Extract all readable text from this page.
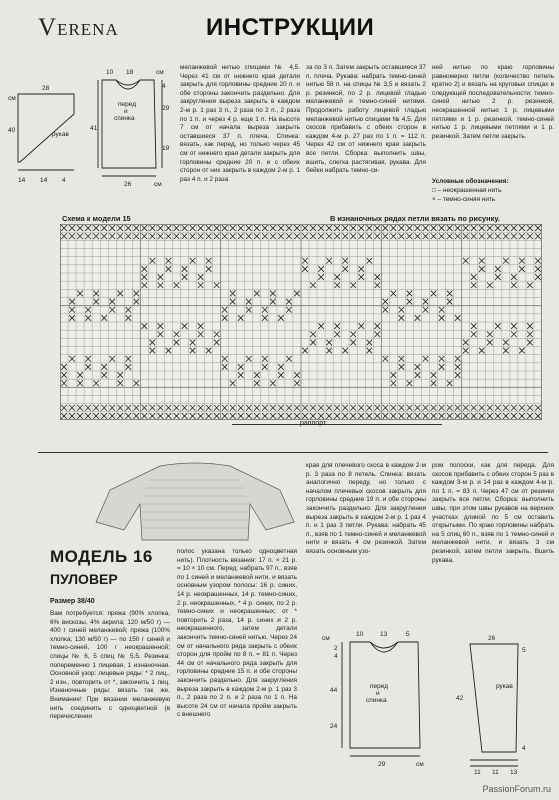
VERENA	ИНСТРУКЦИИ
см
28
40
рукав
14 14 4
10 18	см
4
29
41
19
перед
и
спинка
26	см

меланжевой нитью спицами № 4,5. Через 41 см от нижнего края детали закрыть для горловины средние 20 п. и обе стороны закончить раздельно. Для закругления выреза закрыть в каждом 2-м р. 1 раз 3 п., 2 раза по 2 п., 2 раза по 1 п. и через 4 р. еще 1 п. На высоте 7 см от начала выреза закрыть оставшиеся 37 п. плеча. Спинка: вязать, как перед, но только через 45 см от нижнего края детали закрыть для горловины средние 20 п. и с обеих сторон от них закрыть в каждом 2-м р. 1 раз 4 п. и 2 раза

за по 3 п. Затем закрыть оставшиеся 37 п. плеча. Рукава: набрать темно-синей нитью 58 п. на спицы № 3,5 и вязать 2 р. резинкой, по 2 р. лицевой гладью меланжевой и темно-синей нитями. Продолжить работу лицевой гладью меланжевой нитью спицами № 4,5. Для скосов прибавить с обеих сторон в каждом 4-м р. 27 раз по 1 п. = 112 п. Через 42 см от нижнего края закрыть все петли. Сборка: выполнить швы, вшить, слегка растягивая, рукава. Для бейки набрать темно-си-

ней нитью по краю горловины равномерно петли (количество петель кратно 2) и вязать на круговых спицах в следующей последовательности: темно-синей нитью 2 р. резинкой, неокрашенной нитью 1 р. лицевыми петлями и 1 р. резинкой, темно-синей нитью 1 р. лицевыми петлями и 1 р. резинкой. Затем петли закрыть.

Условные обозначения:
□ – неокрашенная нить
× – темно-синяя нить
Схема к модели 15	В изнаночных рядах петли вязать по рисунку.
раппорт
МОДЕЛЬ 16
ПУЛОВЕР
Размер 38/40

Вам потребуется: пряжа (90% хлопка, 6% вискозы, 4% акрила; 120 м/50 г) — 400 г синей меланжевой; пряжа (100% хлопка; 130 м/50 г) — по 150 г синей и темно-синей, 100 г неокрашенной; спицы № 6, 5 спиц № 5,5. Резинка: попеременно 1 лицевая, 1 изнаночная. Основной узор: лицевые ряды: * 2 лиц., 2 изн., повторить от *, закончить 1 лиц. Изнаночные ряды: вязать так же. Внимание! При вязании меланжевую нить соединить с одноцветной (в перечислении

полос указана только одноцветная нить). Плотность вязания: 17 п. × 21 р. = 10 × 10 см. Перед: набрать 97 п., взяв по 1 синей и меланжевой нити, и вязать основным узором полосы: 16 р. синих, 14 р. неокрашенных, 14 р. темно-синих, 2 р. неокрашенных, * 4 р. синих, по 2 р. темно-синих и неокрашенных; от * повторить 2 раза, 14 р. синих и 2 р. неокрашенного, затем детали закончить темно-синей нитью. Через 24 см от начального ряда закрыть с обеих сторон для пройм по 8 п. = 81 п. Через 44 см от начального ряда закрыть для горловины средние 15 п. и обе стороны закончить раздельно. Для закругления выреза закрыть в каждом 2-м р. 1 раз 3 п., 2 раза по 2 п. и 2 раза по 1 п. На высоте 24 см от начала пройм закрыть с внешнего

края для плечевого скоса в каждом 2-м р. 3 раза по 8 петель. Спинка: вязать аналогично переду, но только с началом плечевых скосов закрыть для горловины средние 19 п. и обе стороны закончить раздельно. Для закругления выреза закрыть в каждом 2-м р. 1 раз 4 п. и 1 раз 3 петли. Рукава: набрать 45 п., взяв по 1 темно-синей и меланжевой нити и вязать 4 см резинкой. Затем вязать основным узо-

ром полоски, как для переда. Для скосов прибавить с обеих сторон 5 раз в каждом 3-м р. и 14 раз в каждом 4-м р. по 1 п. = 83 п. Через 47 см от резинки закрыть все петли. Сборка: выполнить швы, при этом швы рукавов на верхних участках длиной по 5 см оставить открытыми. По краю горловины набрать на 5 спиц 60 п., взяв по 1 темно-синей и меланжевой нити, и вязать 3 см резинкой, затем петли закрыть. Вшить рукава.

см
10	13	5
2
4
44
24
перед
и
спинка
29	см
5
42
4
рукав
11 11 13
26
PassionForum.ru
